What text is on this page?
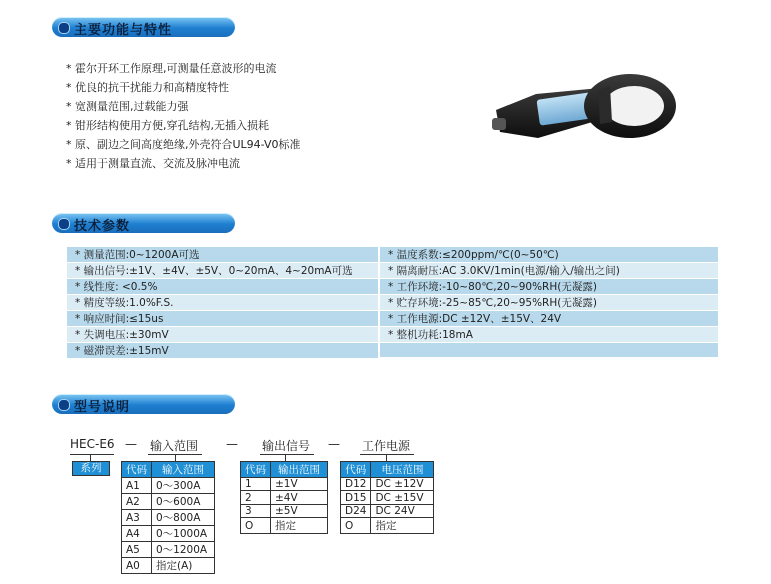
主要功能与特性
* 霍尔开环工作原理,可测量任意波形的电流
* 优良的抗干扰能力和高精度特性
* 宽测量范围,过载能力强
* 钳形结构使用方便,穿孔结构,无插入损耗
* 原、副边之间高度绝缘,外壳符合UL94-V0标准
* 适用于测量直流、交流及脉冲电流
技术参数
* 测量范围:0~1200A可选
* 输出信号:±1V、±4V、±5V、0~20mA、4~20mA可选
* 线性度: <0.5%
* 精度等级:1.0%F.S.
* 响应时间:≤15us
* 失调电压:±30mV
* 磁滞误差:±15mV
* 温度系数:≤200ppm/℃(0~50℃)
* 隔离耐压:AC 3.0KV/1min(电源/输入/输出之间)
* 工作环境:-10~80℃,20~90%RH(无凝露)
* 贮存环境:-25~85℃,20~95%RH(无凝露)
* 工作电源:DC ±12V、±15V、24V
* 整机功耗:18mA

型号说明
HEC-E6 — 输入范围 — 输出信号 — 工作电源
系列	代码	输入范围
A1	0～300A
A2	0～600A
A3	0～800A
A4	0～1000A
A5	0～1200A
A0	指定(A)
代码	输出范围
1	±1V
2	±4V
3	±5V
O	指定
代码	电压范围
D12	DC ±12V
D15	DC ±15V
D24	DC 24V
O	指定
